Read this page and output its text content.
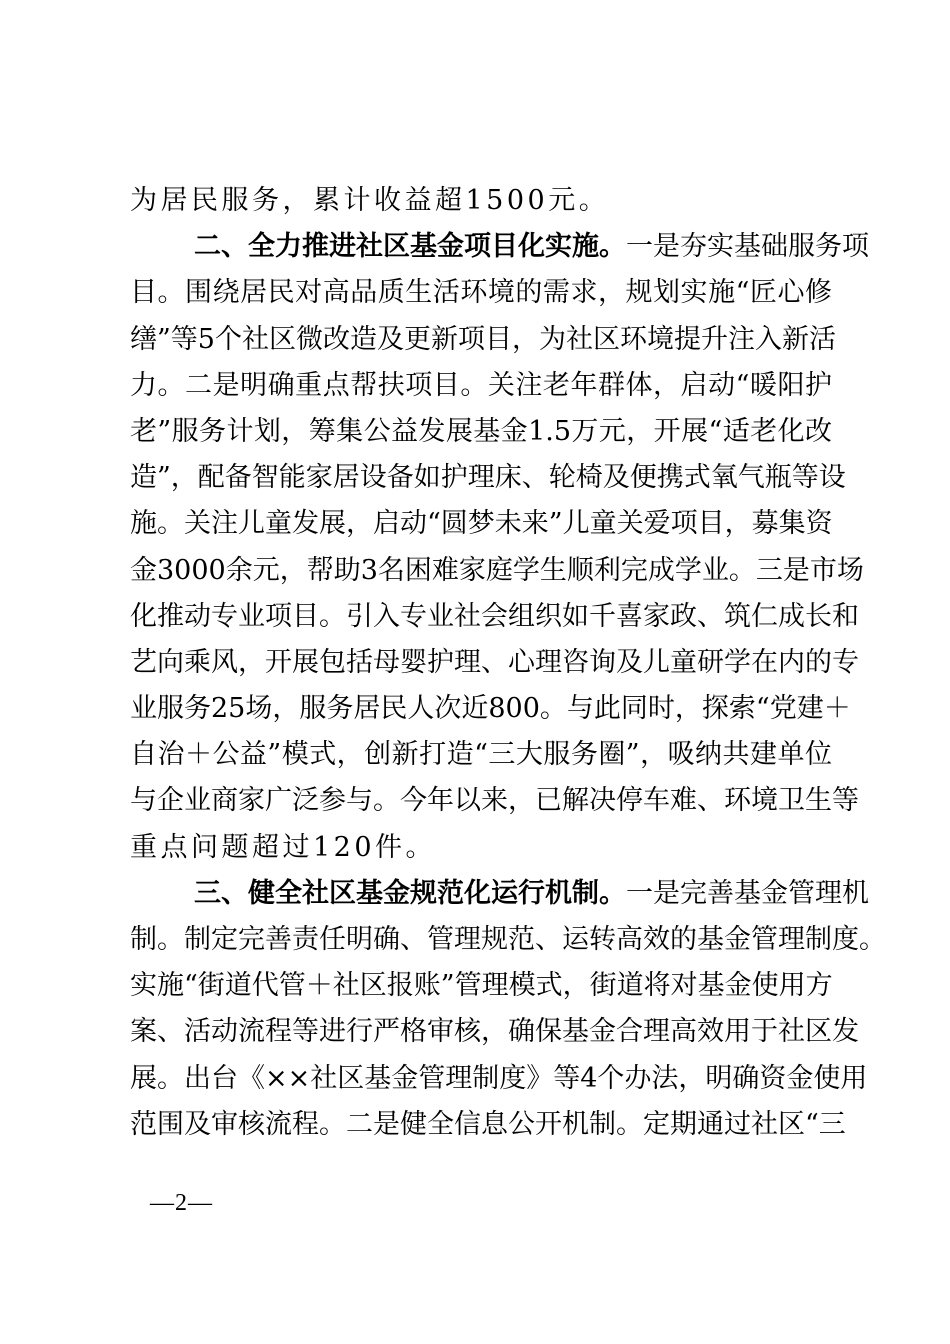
为居民服务，累计收益超1500元。
二、全力推进社区基金项目化实施。一是夯实基础服务项
目。围绕居民对高品质生活环境的需求，规划实施“匠心修
缮”等5个社区微改造及更新项目，为社区环境提升注入新活
力。二是明确重点帮扶项目。关注老年群体，启动“暖阳护
老”服务计划，筹集公益发展基金1.5万元，开展“适老化改
造”，配备智能家居设备如护理床、轮椅及便携式氧气瓶等设
施。关注儿童发展，启动“圆梦未来”儿童关爱项目，募集资
金3000余元，帮助3名困难家庭学生顺利完成学业。三是市场
化推动专业项目。引入专业社会组织如千喜家政、筑仁成长和
艺向乘风，开展包括母婴护理、心理咨询及儿童研学在内的专
业服务25场，服务居民人次近800。与此同时，探索“党建＋
自治＋公益”模式，创新打造“三大服务圈”，吸纳共建单位
与企业商家广泛参与。今年以来，已解决停车难、环境卫生等
重点问题超过120件。
三、健全社区基金规范化运行机制。一是完善基金管理机
制。制定完善责任明确、管理规范、运转高效的基金管理制度。
实施“街道代管＋社区报账”管理模式，街道将对基金使用方
案、活动流程等进行严格审核，确保基金合理高效用于社区发
展。出台《××社区基金管理制度》等4个办法，明确资金使用
范围及审核流程。二是健全信息公开机制。定期通过社区“三
—2—
